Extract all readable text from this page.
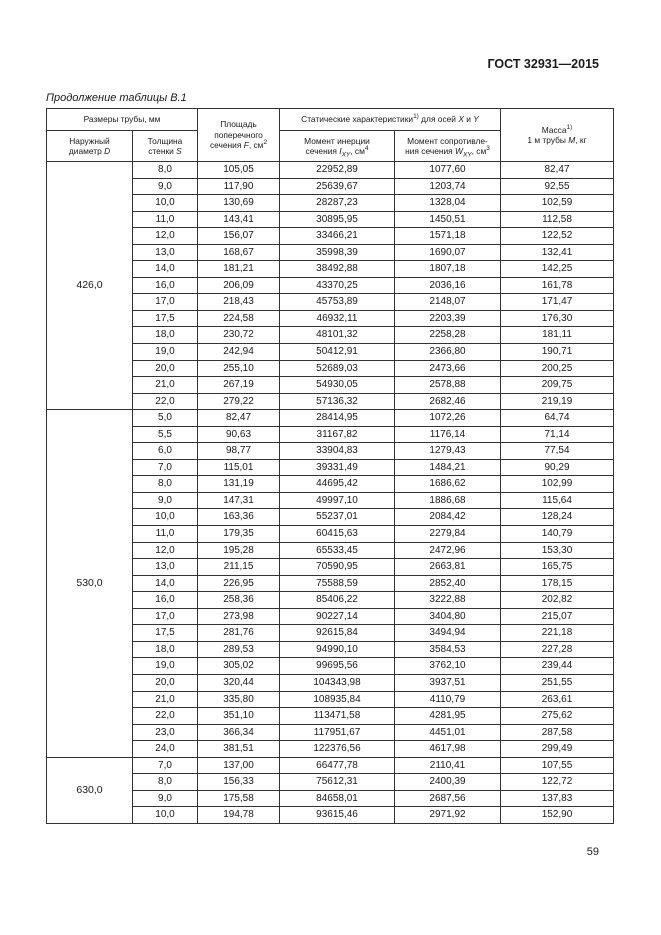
ГОСТ 32931—2015
Продолжение таблицы В.1
Размеры трубы, мм		Площадь
поперечного
сечения F, $см^2$	Статические характеристики$^{1)}$ для осей X и Y		Масса$^{1)}$
1 м трубы M, кг
Наружный
диаметр D	Толщина
стенки S		Момент инерции
сечения $I_{XY}$, $см^4$	Момент сопротивле-
ния сечения $W_{XY}$, $см^3$
426,0	8,0	105,05	22952,89	1077,60	82,47
	9,0	117,90	25639,67	1203,74	92,55
	10,0	130,69	28287,23	1328,04	102,59
	11,0	143,41	30895,95	1450,51	112,58
	12,0	156,07	33466,21	1571,18	122,52
	13,0	168,67	35998,39	1690,07	132,41
	14,0	181,21	38492,88	1807,18	142,25
	16,0	206,09	43370,25	2036,16	161,78
	17,0	218,43	45753,89	2148,07	171,47
	17,5	224,58	46932,11	2203,39	176,30
	18,0	230,72	48101,32	2258,28	181,11
	19,0	242,94	50412,91	2366,80	190,71
	20,0	255,10	52689,03	2473,66	200,25
	21,0	267,19	54930,05	2578,88	209,75
	22,0	279,22	57136,32	2682,46	219,19
530,0	5,0	82,47	28414,95	1072,26	64,74
	5,5	90,63	31167,82	1176,14	71,14
	6,0	98,77	33904,83	1279,43	77,54
	7,0	115,01	39331,49	1484,21	90,29
	8,0	131,19	44695,42	1686,62	102,99
	9,0	147,31	49997,10	1886,68	115,64
	10,0	163,36	55237,01	2084,42	128,24
	11,0	179,35	60415,63	2279,84	140,79
	12,0	195,28	65533,45	2472,96	153,30
	13,0	211,15	70590,95	2663,81	165,75
	14,0	226,95	75588,59	2852,40	178,15
	16,0	258,36	85406,22	3222,88	202,82
	17,0	273,98	90227,14	3404,80	215,07
	17,5	281,76	92615,84	3494,94	221,18
	18,0	289,53	94990,10	3584,53	227,28
	19,0	305,02	99695,56	3762,10	239,44
	20,0	320,44	104343,98	3937,51	251,55
	21,0	335,80	108935,84	4110,79	263,61
	22,0	351,10	113471,58	4281,95	275,62
	23,0	366,34	117951,67	4451,01	287,58
	24,0	381,51	122376,56	4617,98	299,49
630,0	7,0	137,00	66477,78	2110,41	107,55
	8,0	156,33	75612,31	2400,39	122,72
	9,0	175,58	84658,01	2687,56	137,83
	10,0	194,78	93615,46	2971,92	152,90
59
